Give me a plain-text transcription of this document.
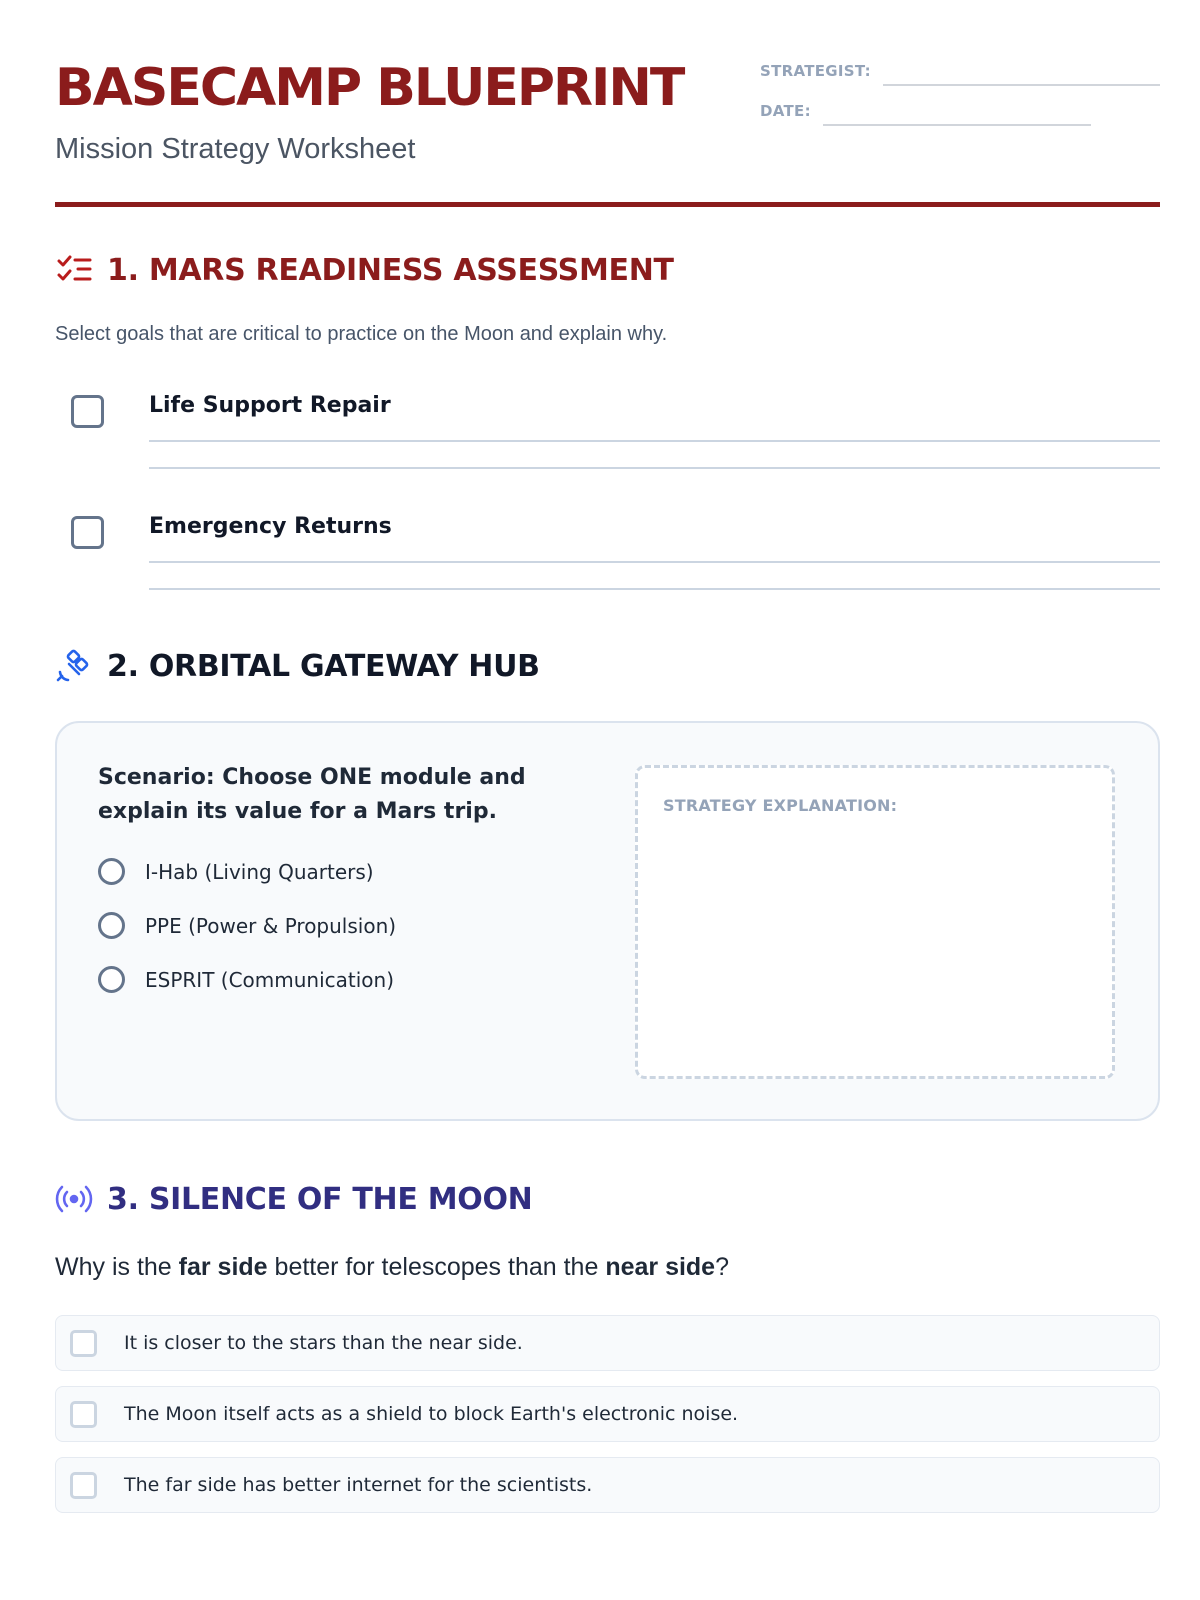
BASECAMP BLUEPRINT
Mission Strategy Worksheet
STRATEGIST:
DATE:
1. MARS READINESS ASSESSMENT
Select goals that are critical to practice on the Moon and explain why.
Life Support Repair
Emergency Returns
2. ORBITAL GATEWAY HUB
Scenario: Choose ONE module and explain its value for a Mars trip.
I-Hab (Living Quarters)
PPE (Power & Propulsion)
ESPRIT (Communication)
STRATEGY EXPLANATION:
3. SILENCE OF THE MOON
Why is the far side better for telescopes than the near side?
It is closer to the stars than the near side.
The Moon itself acts as a shield to block Earth's electronic noise.
The far side has better internet for the scientists.
